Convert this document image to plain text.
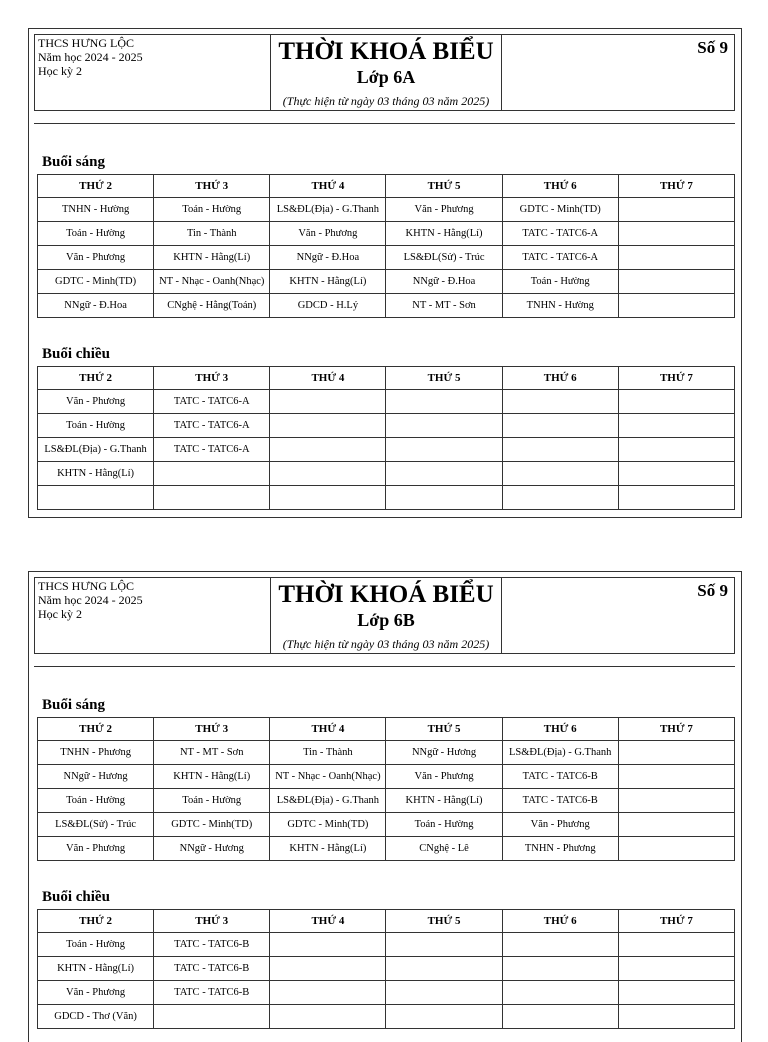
THCS HƯNG LỘC
Năm học 2024 - 2025
Học kỳ 2
THỜI KHOÁ BIỂU
Lớp 6A
(Thực hiện từ ngày 03 tháng 03 năm 2025)
Số 9
Buổi sáng
THỨ 2	THỨ 3	THỨ 4	THỨ 5	THỨ 6	THỨ 7
TNHN - Hường	Toán - Hường	LS&ĐL(Địa) - G.Thanh	Văn - Phương	GDTC - Minh(TD)	
Toán - Hường	Tin - Thành	Văn - Phương	KHTN - Hằng(Lí)	TATC - TATC6-A	
Văn - Phương	KHTN - Hằng(Lí)	NNgữ - Đ.Hoa	LS&ĐL(Sử) - Trúc	TATC - TATC6-A	
GDTC - Minh(TD)	NT - Nhạc - Oanh(Nhạc)	KHTN - Hằng(Lí)	NNgữ - Đ.Hoa	Toán - Hường	
NNgữ - Đ.Hoa	CNghệ - Hằng(Toán)	GDCD - H.Lý	NT - MT - Sơn	TNHN - Hường	
Buổi chiều
THỨ 2	THỨ 3	THỨ 4	THỨ 5	THỨ 6	THỨ 7
Văn - Phương	TATC - TATC6-A				
Toán - Hường	TATC - TATC6-A				
LS&ĐL(Địa) - G.Thanh	TATC - TATC6-A				
KHTN - Hằng(Lí)					

THCS HƯNG LỘC
Năm học 2024 - 2025
Học kỳ 2
THỜI KHOÁ BIỂU
Lớp 6B
(Thực hiện từ ngày 03 tháng 03 năm 2025)
Số 9
Buổi sáng
THỨ 2	THỨ 3	THỨ 4	THỨ 5	THỨ 6	THỨ 7
TNHN - Phương	NT - MT - Sơn	Tin - Thành	NNgữ - Hương	LS&ĐL(Địa) - G.Thanh	
NNgữ - Hương	KHTN - Hằng(Lí)	NT - Nhạc - Oanh(Nhạc)	Văn - Phương	TATC - TATC6-B	
Toán - Hường	Toán - Hường	LS&ĐL(Địa) - G.Thanh	KHTN - Hằng(Lí)	TATC - TATC6-B	
LS&ĐL(Sử) - Trúc	GDTC - Minh(TD)	GDTC - Minh(TD)	Toán - Hường	Văn - Phương	
Văn - Phương	NNgữ - Hương	KHTN - Hằng(Lí)	CNghệ - Lê	TNHN - Phương	
Buổi chiều
THỨ 2	THỨ 3	THỨ 4	THỨ 5	THỨ 6	THỨ 7
Toán - Hường	TATC - TATC6-B				
KHTN - Hằng(Lí)	TATC - TATC6-B				
Văn - Phương	TATC - TATC6-B				
GDCD - Thơ (Văn)					
